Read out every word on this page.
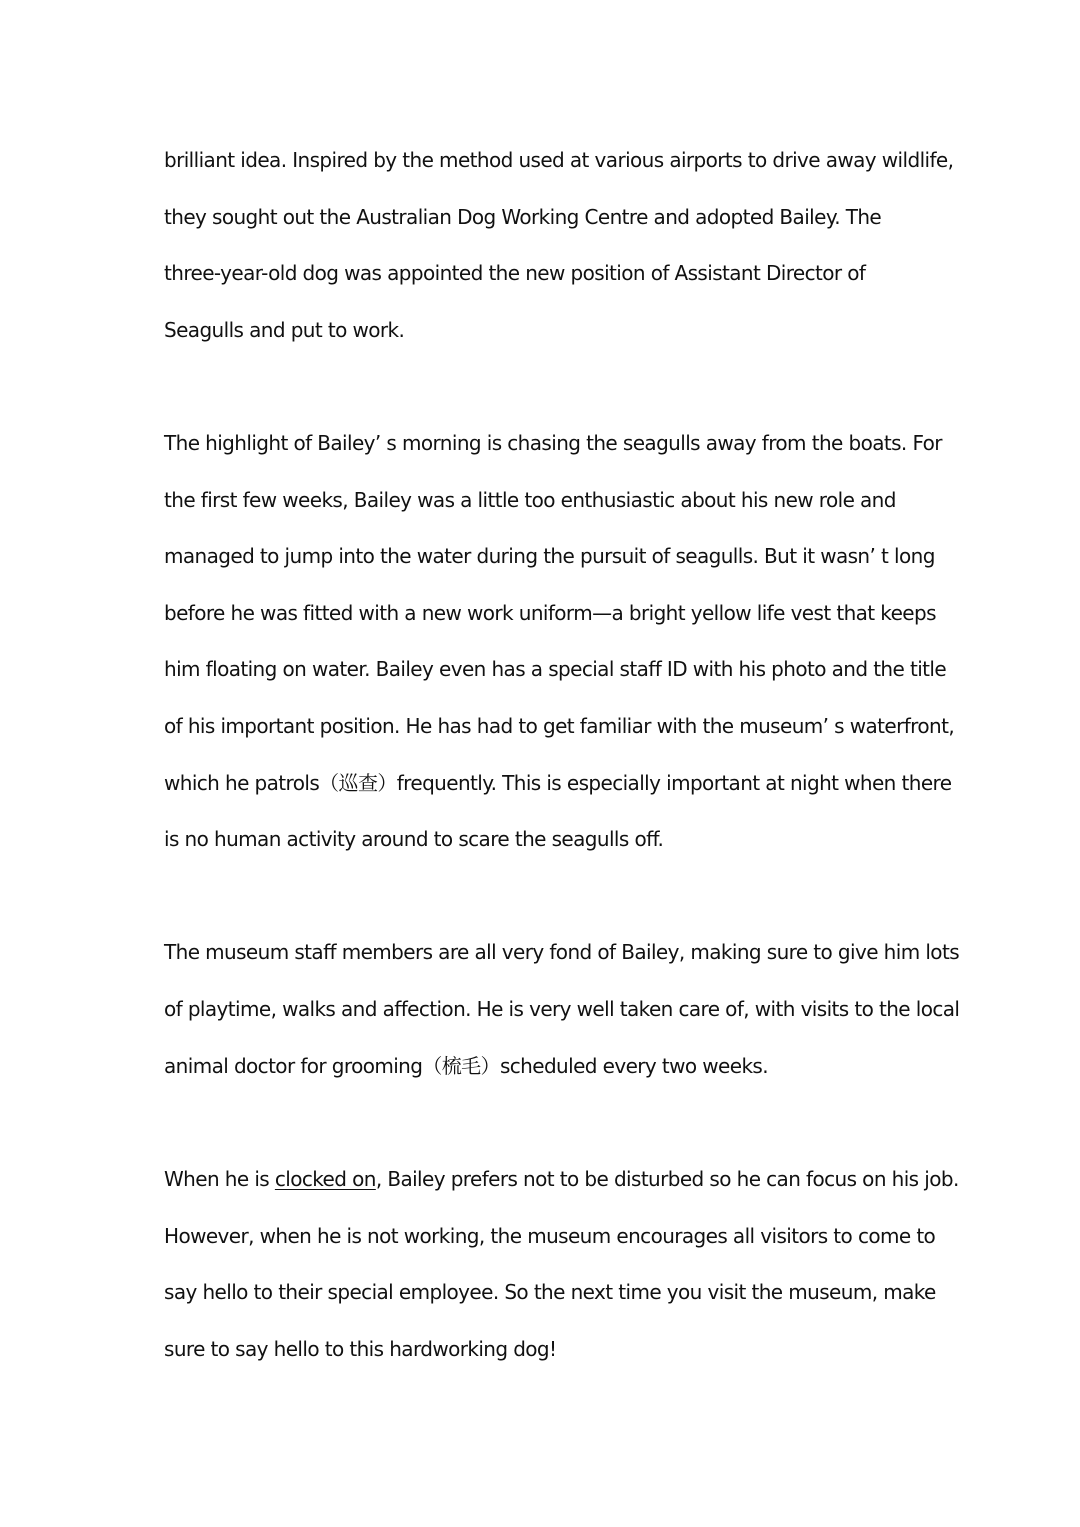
brilliant idea. Inspired by the method used at various airports to drive away wildlife,
they sought out the Australian Dog Working Centre and adopted Bailey. The
three-year-old dog was appointed the new position of Assistant Director of
Seagulls and put to work.
The highlight of Bailey’ s morning is chasing the seagulls away from the boats. For
the first few weeks, Bailey was a little too enthusiastic about his new role and
managed to jump into the water during the pursuit of seagulls. But it wasn’ t long
before he was fitted with a new work uniform—a bright yellow life vest that keeps
him floating on water. Bailey even has a special staff ID with his photo and the title
of his important position. He has had to get familiar with the museum’ s waterfront,
which he patrols（巡查）frequently. This is especially important at night when there
is no human activity around to scare the seagulls off.
The museum staff members are all very fond of Bailey, making sure to give him lots
of playtime, walks and affection. He is very well taken care of, with visits to the local
animal doctor for grooming（梳毛）scheduled every two weeks.
When he is clocked on, Bailey prefers not to be disturbed so he can focus on his job.
However, when he is not working, the museum encourages all visitors to come to
say hello to their special employee. So the next time you visit the museum, make
sure to say hello to this hardworking dog!
